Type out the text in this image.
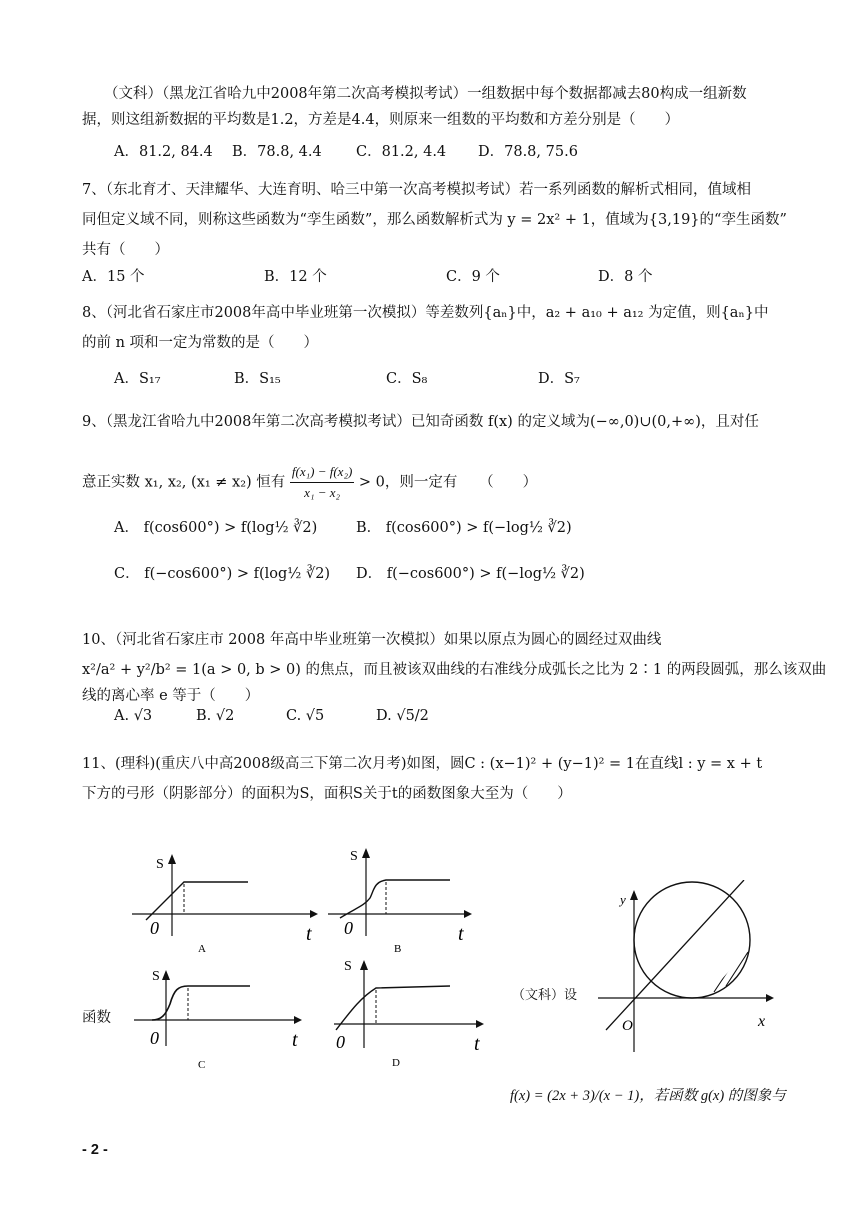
（文科）（黑龙江省哈九中2008年第二次高考模拟考试）一组数据中每个数据都减去80构成一组新数
据，则这组新数据的平均数是1.2，方差是4.4，则原来一组数的平均数和方差分别是（　　）
A．81.2, 84.4 B．78.8, 4.4 C．81.2, 4.4 D．78.8, 75.6
7、（东北育才、天津耀华、大连育明、哈三中第一次高考模拟考试）若一系列函数的解析式相同，值域相
同但定义域不同，则称这些函数为“孪生函数”，那么函数解析式为 y = 2x² + 1，值域为{3,19}的“孪生函数”
共有（　　）
A．15 个	B．12 个	C．9 个	D．8 个
8、（河北省石家庄市2008年高中毕业班第一次模拟）等差数列{aₙ}中，a₂ + a₁₀ + a₁₂ 为定值，则{aₙ}中
的前 n 项和一定为常数的是（　　）
A．S₁₇	B．S₁₅	C．S₈	D．S₇
9、（黑龙江省哈九中2008年第二次高考模拟考试）已知奇函数 f(x) 的定义域为(−∞,0)∪(0,+∞)，且对任
意正实数 x₁, x₂, (x₁ ≠ x₂) 恒有 $\frac{\text{f(x₁) − f(x₂)}}{\text{x₁ − x₂}} > 0$，则一定有　　（　　）
A． f(cos600°) > f(log½ ∛2)	B． f(cos600°) > f(−log½ ∛2)
C． f(−cos600°) > f(log½ ∛2) D． f(−cos600°) > f(−log½ ∛2)
10、（河北省石家庄市 2008 年高中毕业班第一次模拟）如果以原点为圆心的圆经过双曲线
x²/a² + y²/b² = 1(a > 0, b > 0) 的焦点，而且被该双曲线的右准线分成弧长之比为 2∶1 的两段圆弧，那么该双曲
线的离心率 e 等于（　　）
A. √3	B. √2	C. √5	D. √5/2
11、(理科)(重庆八中高2008级高三下第二次月考)如图，圆C : (x−1)² + (y−1)² = 1在直线l : y = x + t
下方的弓形（阴影部分）的面积为S，面积S关于t的函数图象大至为（　　）
S
t
0
A
S
t
0
B
S
t
0
C
S
t
0
D
函数
（文科）设
y
x
O
f(x) = (2x + 3)/(x − 1)，若函数 g(x) 的图象与
- 2 -
